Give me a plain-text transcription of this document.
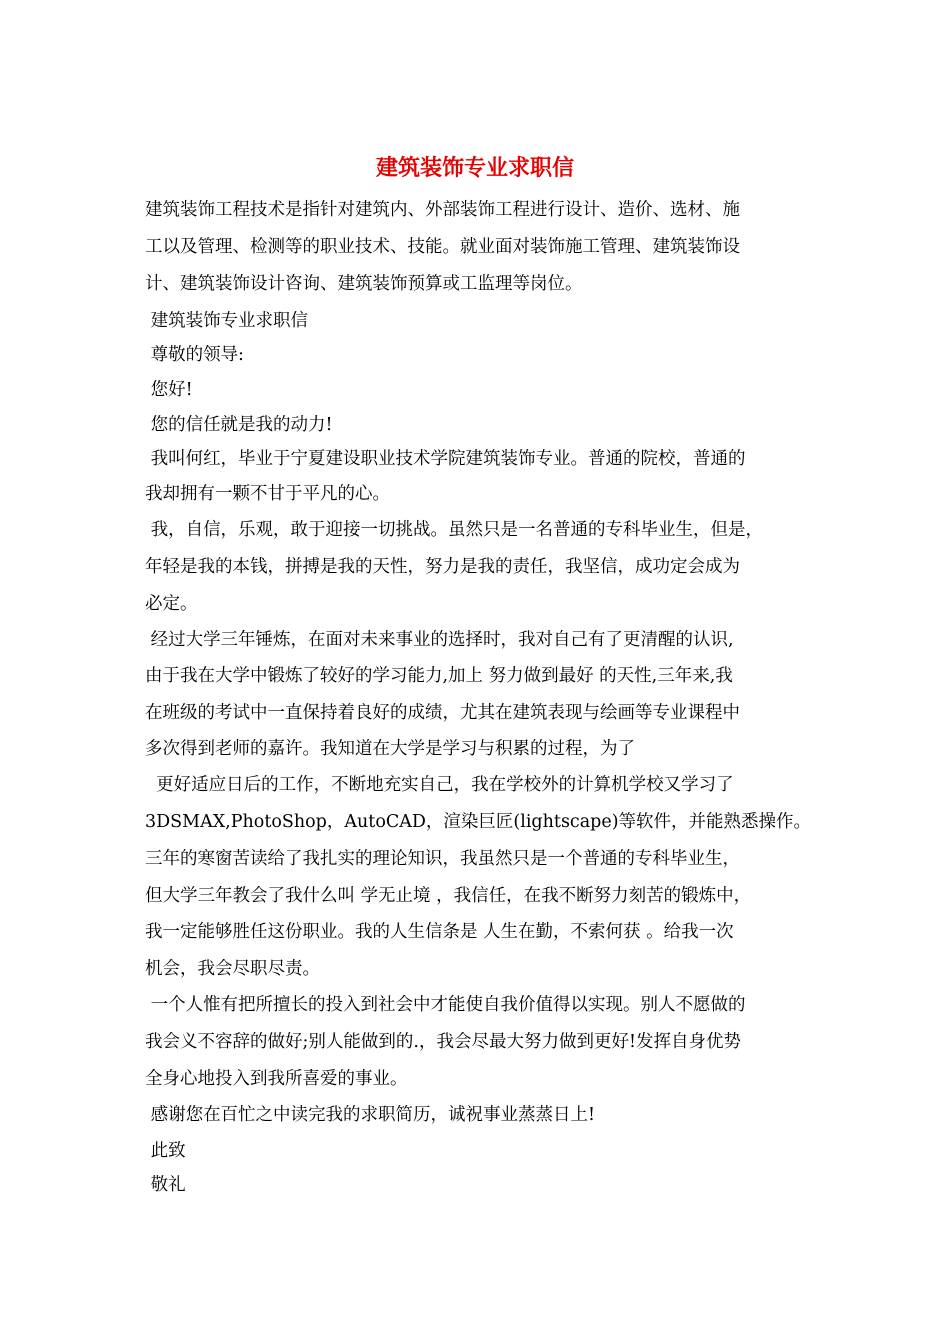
建筑装饰专业求职信

建筑装饰工程技术是指针对建筑内、外部装饰工程进行设计、造价、选材、施

工以及管理、检测等的职业技术、技能。就业面对装饰施工管理、建筑装饰设

计、建筑装饰设计咨询、建筑装饰预算或工监理等岗位。

建筑装饰专业求职信

尊敬的领导:

您好!

您的信任就是我的动力!

我叫何红，毕业于宁夏建设职业技术学院建筑装饰专业。普通的院校，普通的

我却拥有一颗不甘于平凡的心。

我，自信，乐观，敢于迎接一切挑战。虽然只是一名普通的专科毕业生，但是，

年轻是我的本钱，拼搏是我的天性，努力是我的责任，我坚信，成功定会成为

必定。

经过大学三年锤炼，在面对未来事业的选择时，我对自己有了更清醒的认识,

由于我在大学中锻炼了较好的学习能力,加上 努力做到最好 的天性,三年来,我

在班级的考试中一直保持着良好的成绩，尤其在建筑表现与绘画等专业课程中

多次得到老师的嘉许。我知道在大学是学习与积累的过程，为了

更好适应日后的工作，不断地充实自己，我在学校外的计算机学校又学习了

3DSMAX,PhotoShop，AutoCAD，渲染巨匠(lightscape)等软件，并能熟悉操作。

三年的寒窗苦读给了我扎实的理论知识，我虽然只是一个普通的专科毕业生，

但大学三年教会了我什么叫 学无止境 ，我信任，在我不断努力刻苦的锻炼中，

我一定能够胜任这份职业。我的人生信条是 人生在勤，不索何获 。给我一次

机会，我会尽职尽责。

一个人惟有把所擅长的投入到社会中才能使自我价值得以实现。别人不愿做的

我会义不容辞的做好;别人能做到的.，我会尽最大努力做到更好!发挥自身优势

全身心地投入到我所喜爱的事业。

感谢您在百忙之中读完我的求职简历，诚祝事业蒸蒸日上!

此致

敬礼
